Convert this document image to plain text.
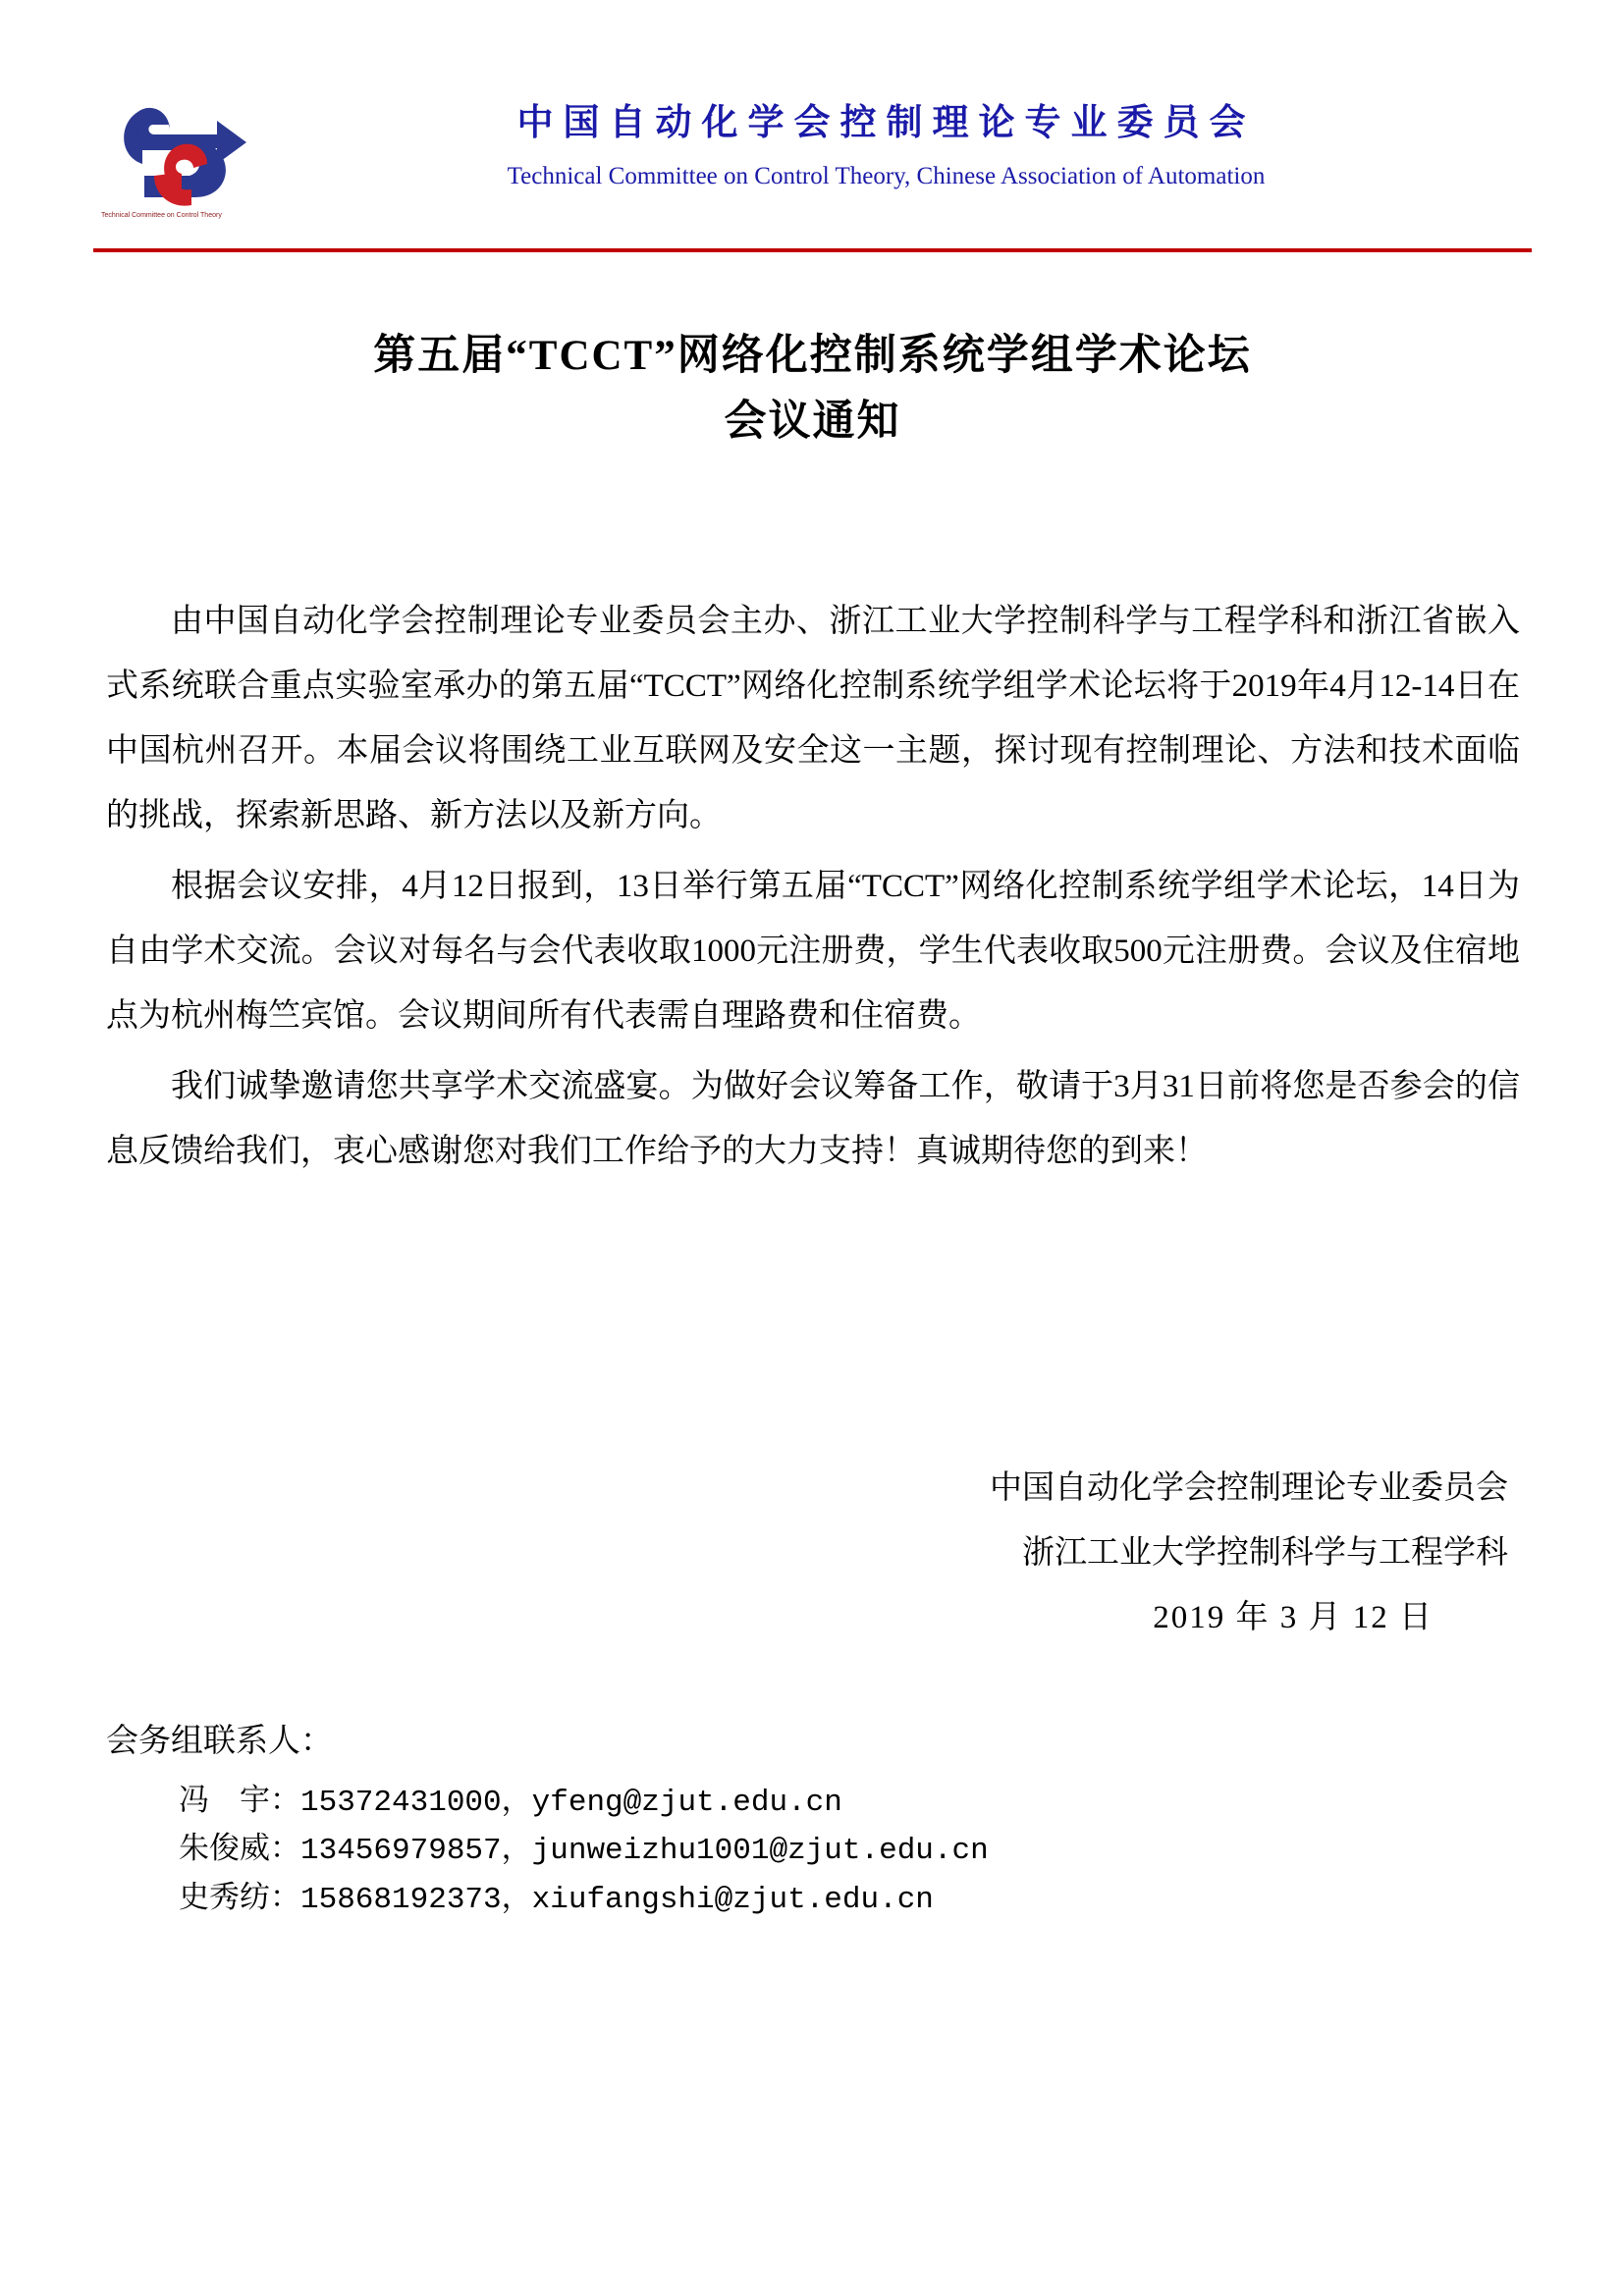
Technical Committee on Control Theory
中国自动化学会控制理论专业委员会
Technical Committee on Control Theory, Chinese Association of Automation
第五届“TCCT”网络化控制系统学组学术论坛
会议通知

由中国自动化学会控制理论专业委员会主办、浙江工业大学控制科学与工程学科和浙江省嵌入式系统联合重点实验室承办的第五届“TCCT”网络化控制系统学组学术论坛将于2019年4月12-14日在中国杭州召开。本届会议将围绕工业互联网及安全这一主题，探讨现有控制理论、方法和技术面临的挑战，探索新思路、新方法以及新方向。

根据会议安排，4月12日报到，13日举行第五届“TCCT”网络化控制系统学组学术论坛，14日为自由学术交流。会议对每名与会代表收取1000元注册费，学生代表收取500元注册费。会议及住宿地点为杭州梅竺宾馆。会议期间所有代表需自理路费和住宿费。

我们诚挚邀请您共享学术交流盛宴。为做好会议筹备工作，敬请于3月31日前将您是否参会的信息反馈给我们，衷心感谢您对我们工作给予的大力支持！真诚期待您的到来！

中国自动化学会控制理论专业委员会
浙江工业大学控制科学与工程学科
2019 年 3 月 12 日
会务组联系人：
冯　宇：15372431000，yfeng@zjut.edu.cn
朱俊威：13456979857，junweizhu1001@zjut.edu.cn
史秀纺：15868192373，xiufangshi@zjut.edu.cn
